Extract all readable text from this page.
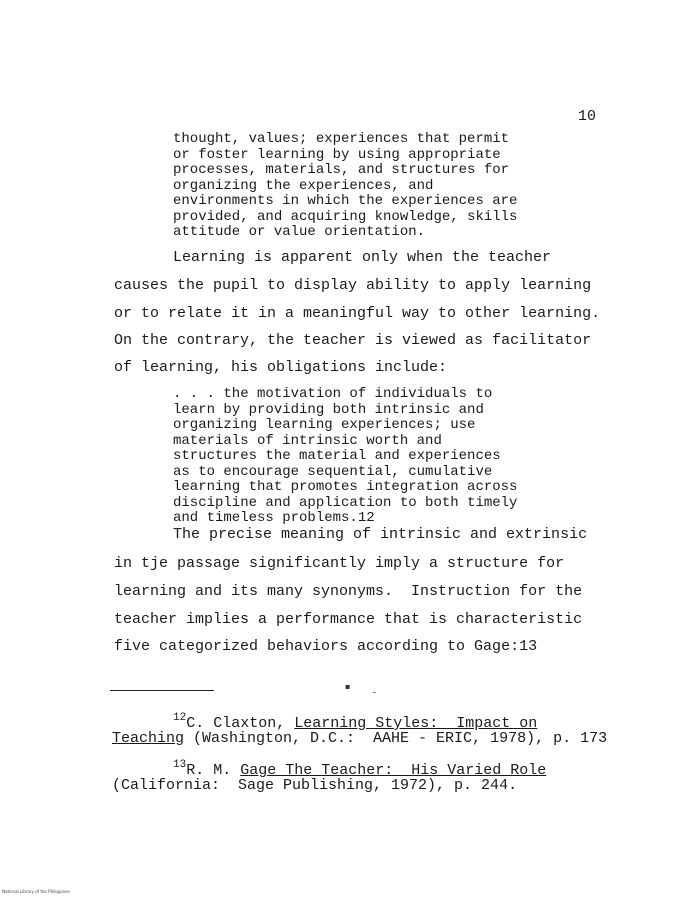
10
thought, values; experiences that permit
or foster learning by using appropriate
processes, materials, and structures for
organizing the experiences, and
environments in which the experiences are
provided, and acquiring knowledge, skills
attitude or value orientation.
Learning is apparent only when the teacher
causes the pupil to display ability to apply learning
or to relate it in a meaningful way to other learning.
On the contrary, the teacher is viewed as facilitator
of learning, his obligations include:
. . . the motivation of individuals to
learn by providing both intrinsic and
organizing learning experiences; use
materials of intrinsic worth and
structures the material and experiences
as to encourage sequential, cumulative
learning that promotes integration across
discipline and application to both timely
and timeless problems.12
The precise meaning of intrinsic and extrinsic
in tje passage significantly imply a structure for
learning and its many synonyms.  Instruction for the
teacher implies a performance that is characteristic
five categorized behaviors according to Gage:13
$^{12}$C. Claxton, Learning Styles:  Impact on
Teaching (Washington, D.C.:  AAHE - ERIC, 1978), p. 173
$^{13}$R. M. Gage The Teacher:  His Varied Role
(California:  Sage Publishing, 1972), p. 244.
National Library of the Philippines
▪
˜
